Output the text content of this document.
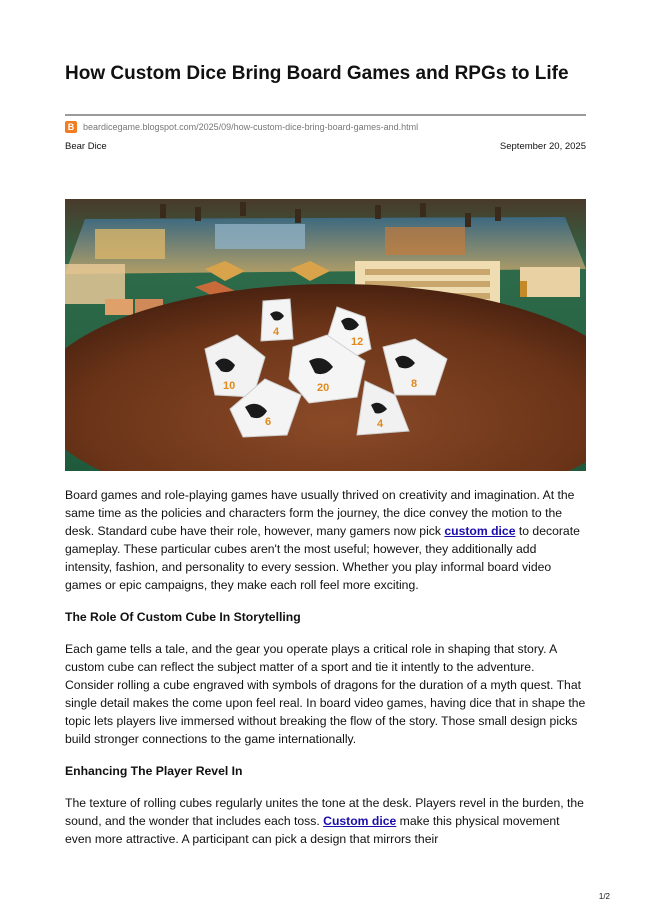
How Custom Dice Bring Board Games and RPGs to Life
B beardicegame.blogspot.com/2025/09/how-custom-dice-bring-board-games-and.html
Bear Dice	September 20, 2025
4
12
10	20	8
6	4

Board games and role-playing games have usually thrived on creativity and imagination. At the same time as the policies and characters form the journey, the dice convey the motion to the desk. Standard cube have their role, however, many gamers now pick custom dice to decorate gameplay. These particular cubes aren't the most useful; however, they additionally add intensity, fashion, and personality to every session. Whether you play informal board video games or epic campaigns, they make each roll feel more exciting.

The Role Of Custom Cube In Storytelling

Each game tells a tale, and the gear you operate plays a critical role in shaping that story. A custom cube can reflect the subject matter of a sport and tie it intently to the adventure. Consider rolling a cube engraved with symbols of dragons for the duration of a myth quest. That single detail makes the come upon feel real. In board video games, having dice that in shape the topic lets players live immersed without breaking the flow of the story. Those small design picks build stronger connections to the game internationally.

Enhancing The Player Revel In

The texture of rolling cubes regularly unites the tone at the desk. Players revel in the burden, the sound, and the wonder that includes each toss. Custom dice make this physical movement even more attractive. A participant can pick a design that mirrors their

1/2
